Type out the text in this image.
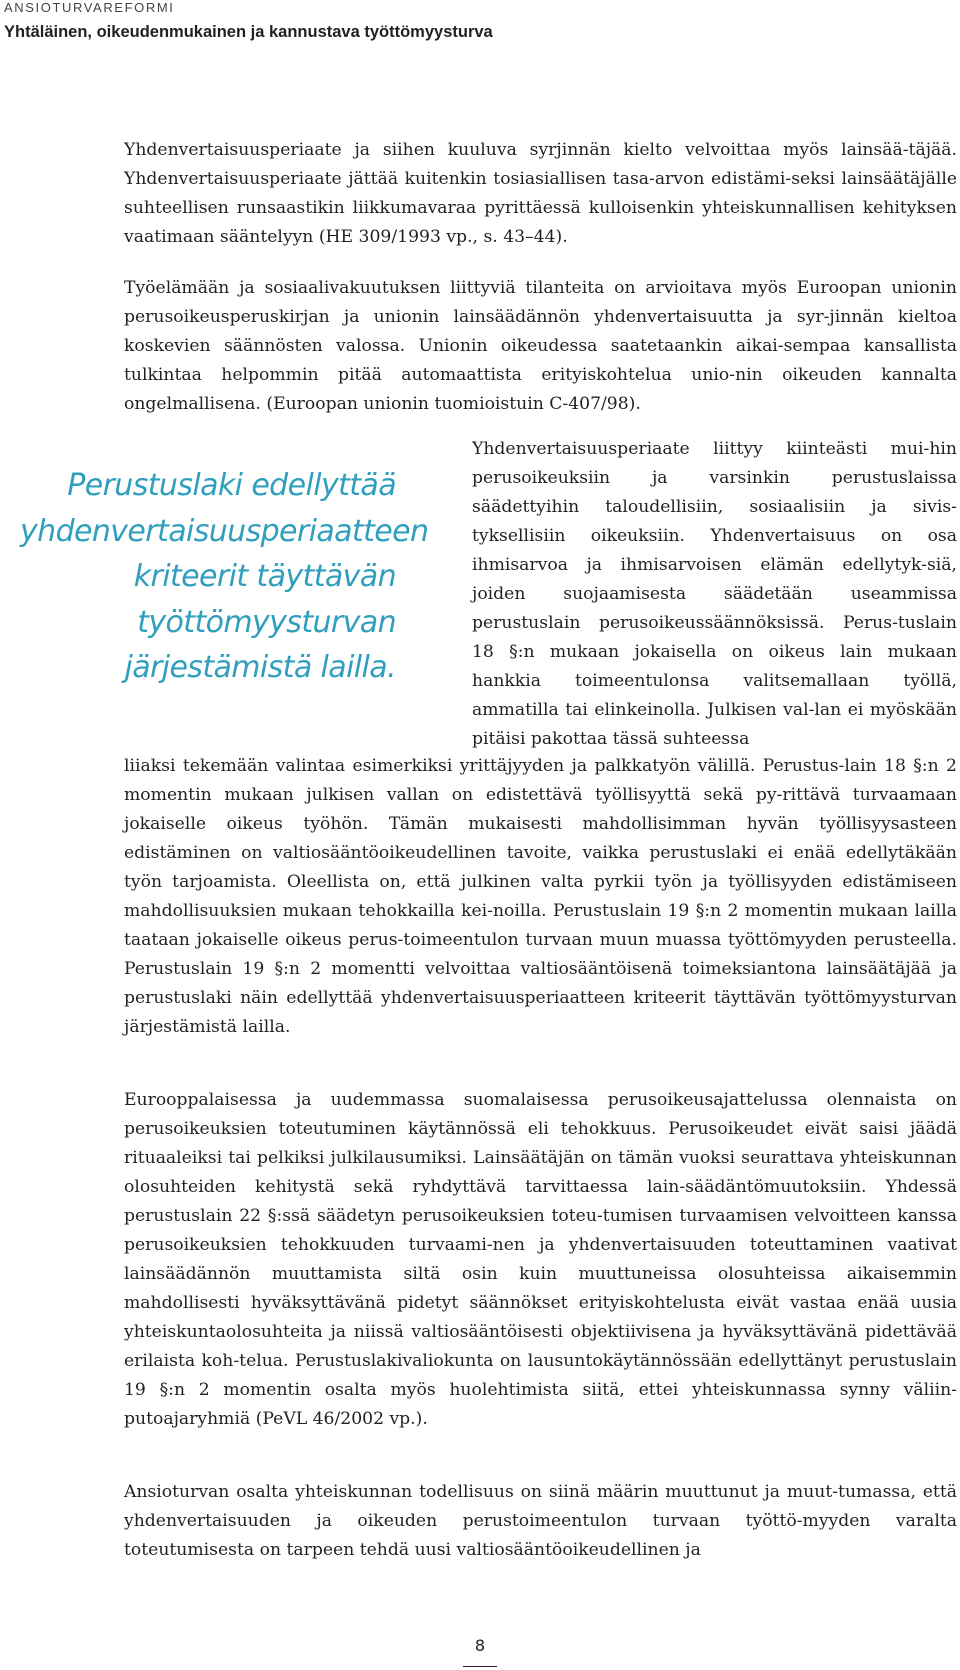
ANSIOTURVAREFORMI
Yhtäläinen, oikeudenmukainen ja kannustava työttömyysturva

Yhdenvertaisuusperiaate ja siihen kuuluva syrjinnän kielto velvoittaa myös lainsää-täjää. Yhdenvertaisuusperiaate jättää kuitenkin tosiasiallisen tasa-arvon edistämi-seksi lainsäätäjälle suhteellisen runsaastikin liikkumavaraa pyrittäessä kulloisenkin yhteiskunnallisen kehityksen vaatimaan sääntelyyn (HE 309/1993 vp., s. 43–44).

Työelämään ja sosiaalivakuutuksen liittyviä tilanteita on arvioitava myös Euroopan unionin perusoikeusperuskirjan ja unionin lainsäädännön yhdenvertaisuutta ja syr-jinnän kieltoa koskevien säännösten valossa. Unionin oikeudessa saatetaankin aikai-sempaa kansallista tulkintaa helpommin pitää automaattista erityiskohtelua unio-nin oikeuden kannalta ongelmallisena. (Euroopan unionin tuomioistuin C-407/98).

Perustuslaki edellyttää yhdenvertaisuusperiaatteen kriteerit täyttävän työttömyysturvan järjestämistä lailla.

Yhdenvertaisuusperiaate liittyy kiinteästi mui-hin perusoikeuksiin ja varsinkin perustuslaissa säädettyihin taloudellisiin, sosiaalisiin ja sivis-tyksellisiin oikeuksiin. Yhdenvertaisuus on osa ihmisarvoa ja ihmisarvoisen elämän edellytyk-siä, joiden suojaamisesta säädetään useammissa perustuslain perusoikeussäännöksissä. Perus-tuslain 18 §:n mukaan jokaisella on oikeus lain mukaan hankkia toimeentulonsa valitsemallaan työllä, ammatilla tai elinkeinolla. Julkisen val-lan ei myöskään pitäisi pakottaa tässä suhteessa

liiaksi tekemään valintaa esimerkiksi yrittäjyyden ja palkkatyön välillä. Perustus-lain 18 §:n 2 momentin mukaan julkisen vallan on edistettävä työllisyyttä sekä py-rittävä turvaamaan jokaiselle oikeus työhön. Tämän mukaisesti mahdollisimman hyvän työllisyysasteen edistäminen on valtiosääntöoikeudellinen tavoite, vaikka perustuslaki ei enää edellytäkään työn tarjoamista. Oleellista on, että julkinen valta pyrkii työn ja työllisyyden edistämiseen mahdollisuuksien mukaan tehokkailla kei-noilla. Perustuslain 19 §:n 2 momentin mukaan lailla taataan jokaiselle oikeus perus-toimeentulon turvaan muun muassa työttömyyden perusteella. Perustuslain 19 §:n 2 momentti velvoittaa valtiosääntöisenä toimeksiantona lainsäätäjää ja perustuslaki näin edellyttää yhdenvertaisuusperiaatteen kriteerit täyttävän työttömyysturvan järjestämistä lailla.

Eurooppalaisessa ja uudemmassa suomalaisessa perusoikeusajattelussa olennaista on perusoikeuksien toteutuminen käytännössä eli tehokkuus. Perusoikeudet eivät saisi jäädä rituaaleiksi tai pelkiksi julkilausumiksi. Lainsäätäjän on tämän vuoksi seurattava yhteiskunnan olosuhteiden kehitystä sekä ryhdyttävä tarvittaessa lain-säädäntömuutoksiin. Yhdessä perustuslain 22 §:ssä säädetyn perusoikeuksien toteu-tumisen turvaamisen velvoitteen kanssa perusoikeuksien tehokkuuden turvaami-nen ja yhdenvertaisuuden toteuttaminen vaativat lainsäädännön muuttamista siltä osin kuin muuttuneissa olosuhteissa aikaisemmin mahdollisesti hyväksyttävänä pidetyt säännökset erityiskohtelusta eivät vastaa enää uusia yhteiskuntaolosuhteita ja niissä valtiosääntöisesti objektiivisena ja hyväksyttävänä pidettävää erilaista koh-telua. Perustuslakivaliokunta on lausuntokäytännössään edellyttänyt perustuslain 19 §:n 2 momentin osalta myös huolehtimista siitä, ettei yhteiskunnassa synny väliin-putoajaryhmiä (PeVL 46/2002 vp.).

Ansioturvan osalta yhteiskunnan todellisuus on siinä määrin muuttunut ja muut-tumassa, että yhdenvertaisuuden ja oikeuden perustoimeentulon turvaan työttö-myyden varalta toteutumisesta on tarpeen tehdä uusi valtiosääntöoikeudellinen ja

8
